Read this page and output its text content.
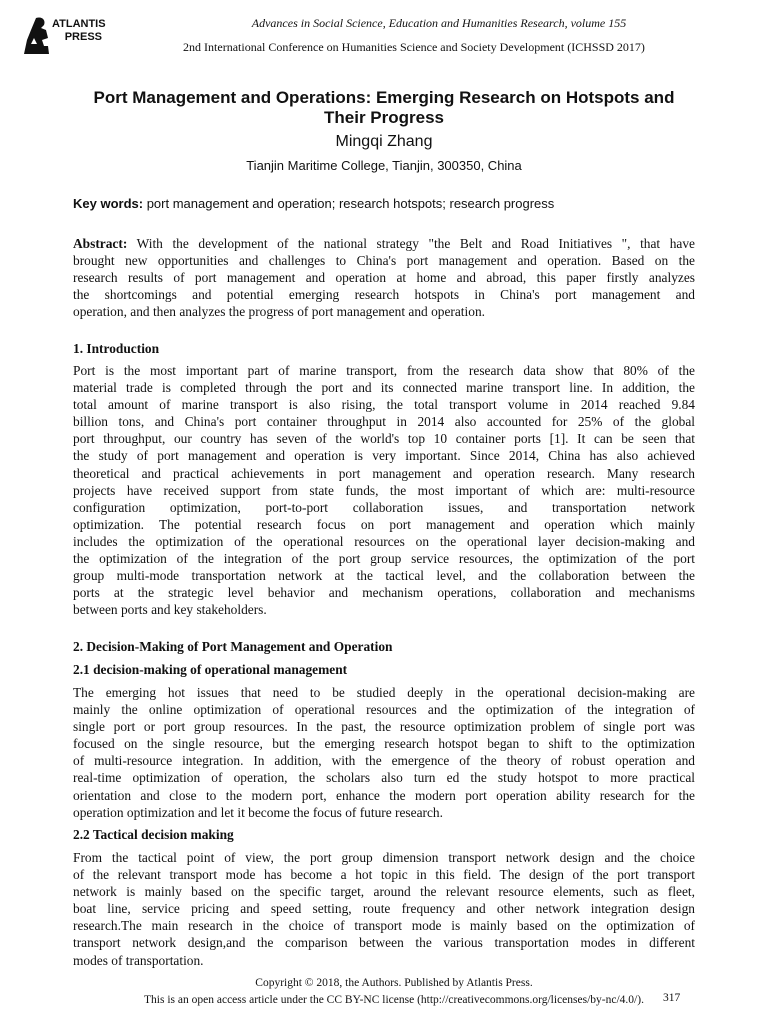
ATLANTIS PRESS
Advances in Social Science, Education and Humanities Research, volume 155
2nd International Conference on Humanities Science and Society Development (ICHSSD 2017)
Port Management and Operations: Emerging Research on Hotspots and
Their Progress
Mingqi Zhang
Tianjin Maritime College, Tianjin, 300350, China
Key words: port management and operation; research hotspots; research progress
Abstract: With the development of the national strategy "the Belt and Road Initiatives ", that have
brought new opportunities and challenges to China's port management and operation. Based on the
research results of port management and operation at home and abroad, this paper firstly analyzes
the shortcomings and potential emerging research hotspots in China's port management and
operation, and then analyzes the progress of port management and operation.
1. Introduction
Port is the most important part of marine transport, from the research data show that 80% of the
material trade is completed through the port and its connected marine transport line. In addition, the
total amount of marine transport is also rising, the total transport volume in 2014 reached 9.84
billion tons, and China's port container throughput in 2014 also accounted for 25% of the global
port throughput, our country has seven of the world's top 10 container ports [1]. It can be seen that
the study of port management and operation is very important. Since 2014, China has also achieved
theoretical and practical achievements in port management and operation research. Many research
projects have received support from state funds, the most important of which are: multi-resource
configuration optimization, port-to-port collaboration issues, and transportation network
optimization. The potential research focus on port management and operation which mainly
includes the optimization of the operational resources on the operational layer decision-making and
the optimization of the integration of the port group service resources, the optimization of the port
group multi-mode transportation network at the tactical level, and the collaboration between the
ports at the strategic level behavior and mechanism operations, collaboration and mechanisms
between ports and key stakeholders.
2. Decision-Making of Port Management and Operation
2.1 decision-making of operational management
The emerging hot issues that need to be studied deeply in the operational decision-making are
mainly the online optimization of operational resources and the optimization of the integration of
single port or port group resources. In the past, the resource optimization problem of single port was
focused on the single resource, but the emerging research hotspot began to shift to the optimization
of multi-resource integration. In addition, with the emergence of the theory of robust operation and
real-time optimization of operation, the scholars also turn ed the study hotspot to more practical
orientation and close to the modern port, enhance the modern port operation ability research for the
operation optimization and let it become the focus of future research.
2.2 Tactical decision making
From the tactical point of view, the port group dimension transport network design and the choice
of the relevant transport mode has become a hot topic in this field. The design of the port transport
network is mainly based on the specific target, around the relevant resource elements, such as fleet,
boat line, service pricing and speed setting, route frequency and other network integration design
research.The main research in the choice of transport mode is mainly based on the optimization of
transport network design,and the comparison between the various transportation modes in different
modes of transportation.
Copyright © 2018, the Authors. Published by Atlantis Press.
This is an open access article under the CC BY-NC license (http://creativecommons.org/licenses/by-nc/4.0/).	317
